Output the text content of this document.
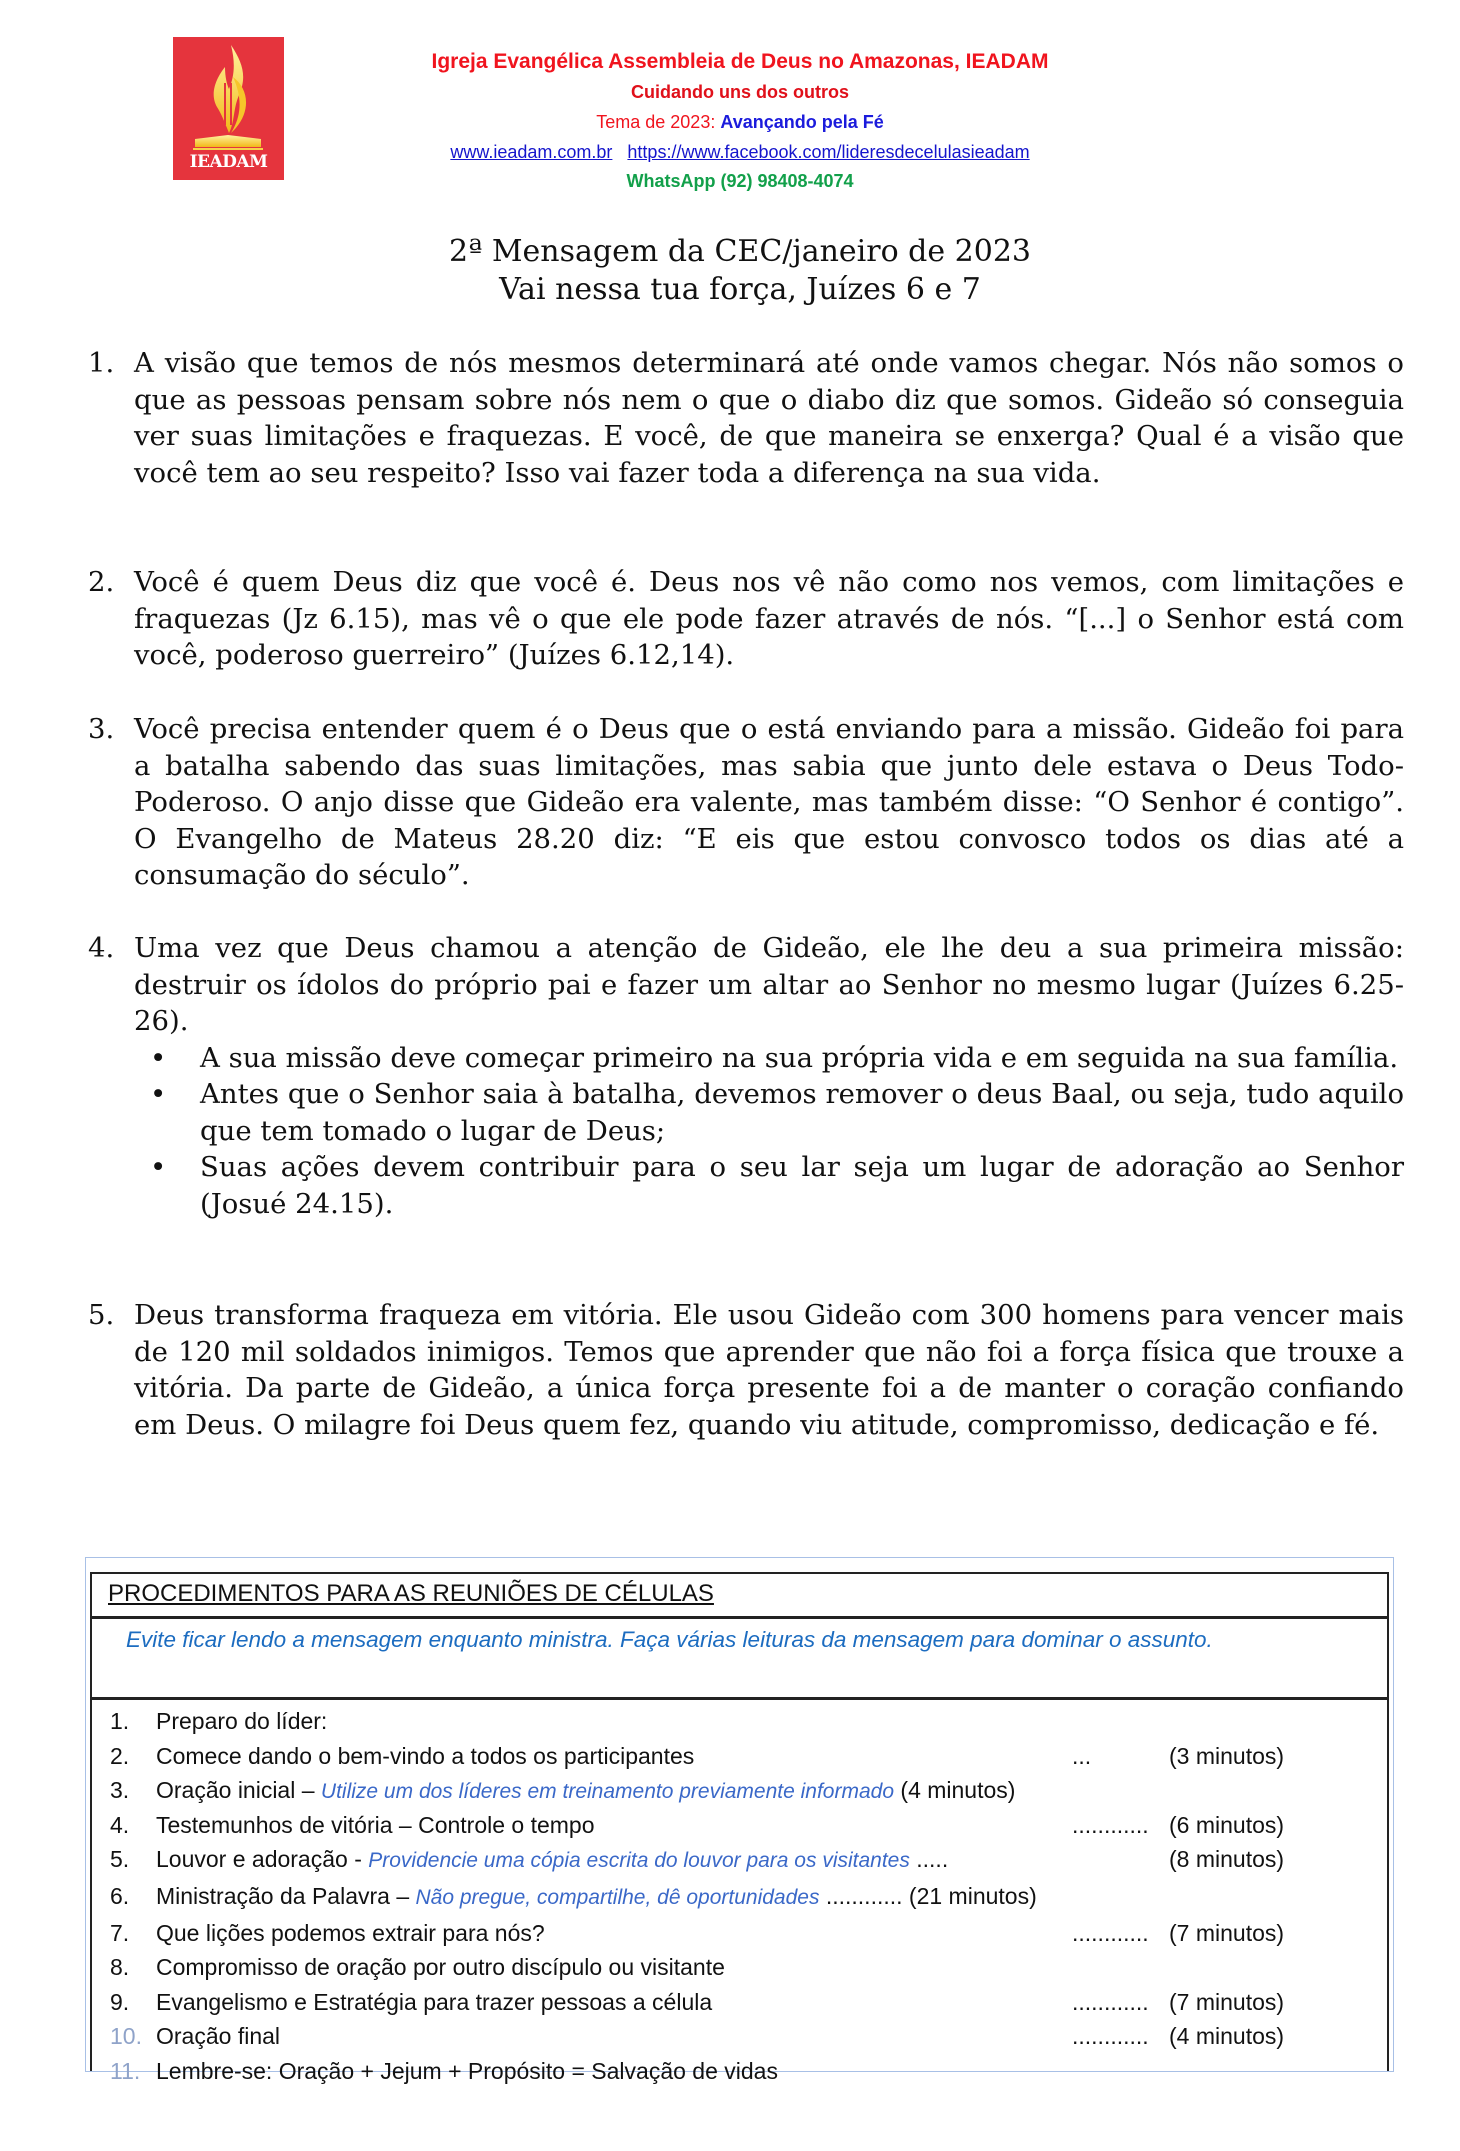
IEADAM
Igreja Evangélica Assembleia de Deus no Amazonas, IEADAM
Cuidando uns dos outros
Tema de 2023: Avançando pela Fé
www.ieadam.com.br https://www.facebook.com/lideresdecelulasieadam
WhatsApp (92) 98408-4074
2ª Mensagem da CEC/janeiro de 2023
Vai nessa tua força, Juízes 6 e 7

1. A visão que temos de nós mesmos determinará até onde vamos chegar. Nós não somos o que as pessoas pensam sobre nós nem o que o diabo diz que somos. Gideão só conseguia ver suas limitações e fraquezas. E você, de que maneira se enxerga? Qual é a visão que você tem ao seu respeito? Isso vai fazer toda a diferença na sua vida.

2. Você é quem Deus diz que você é. Deus nos vê não como nos vemos, com limitações e fraquezas (Jz 6.15), mas vê o que ele pode fazer através de nós. “[...] o Senhor está com você, poderoso guerreiro” (Juízes 6.12,14).

3. Você precisa entender quem é o Deus que o está enviando para a missão. Gideão foi para a batalha sabendo das suas limitações, mas sabia que junto dele estava o Deus Todo-Poderoso. O anjo disse que Gideão era valente, mas também disse: “O Senhor é contigo”. O Evangelho de Mateus 28.20 diz: “E eis que estou convosco todos os dias até a consumação do século”.

4. Uma vez que Deus chamou a atenção de Gideão, ele lhe deu a sua primeira missão: destruir os ídolos do próprio pai e fazer um altar ao Senhor no mesmo lugar (Juízes 6.25-26).

• A sua missão deve começar primeiro na sua própria vida e em seguida na sua família.
• Antes que o Senhor saia à batalha, devemos remover o deus Baal, ou seja, tudo aquilo que tem tomado o lugar de Deus;
• Suas ações devem contribuir para o seu lar seja um lugar de adoração ao Senhor (Josué 24.15).

5. Deus transforma fraqueza em vitória. Ele usou Gideão com 300 homens para vencer mais de 120 mil soldados inimigos. Temos que aprender que não foi a força física que trouxe a vitória. Da parte de Gideão, a única força presente foi a de manter o coração confiando em Deus. O milagre foi Deus quem fez, quando viu atitude, compromisso, dedicação e fé.

PROCEDIMENTOS PARA AS REUNIÕES DE CÉLULAS
Evite ficar lendo a mensagem enquanto ministra. Faça várias leituras da mensagem para dominar o assunto.
1. Preparo do líder:
2. Comece dando o bem-vindo a todos os participantes	...	(3 minutos)
3. Oração inicial – Utilize um dos líderes em treinamento previamente informado (4 minutos)
4. Testemunhos de vitória – Controle o tempo	............ (6 minutos)
5. Louvor e adoração - Providencie uma cópia escrita do louvor para os visitantes .....	(8 minutos)
6. Ministração da Palavra – Não pregue, compartilhe, dê oportunidades ............ (21 minutos)
7. Que lições podemos extrair para nós?	............ (7 minutos)
8. Compromisso de oração por outro discípulo ou visitante
9. Evangelismo e Estratégia para trazer pessoas a célula	............ (7 minutos)
10. Oração final	............ (4 minutos)
11. Lembre-se: Oração + Jejum + Propósito = Salvação de vidas
